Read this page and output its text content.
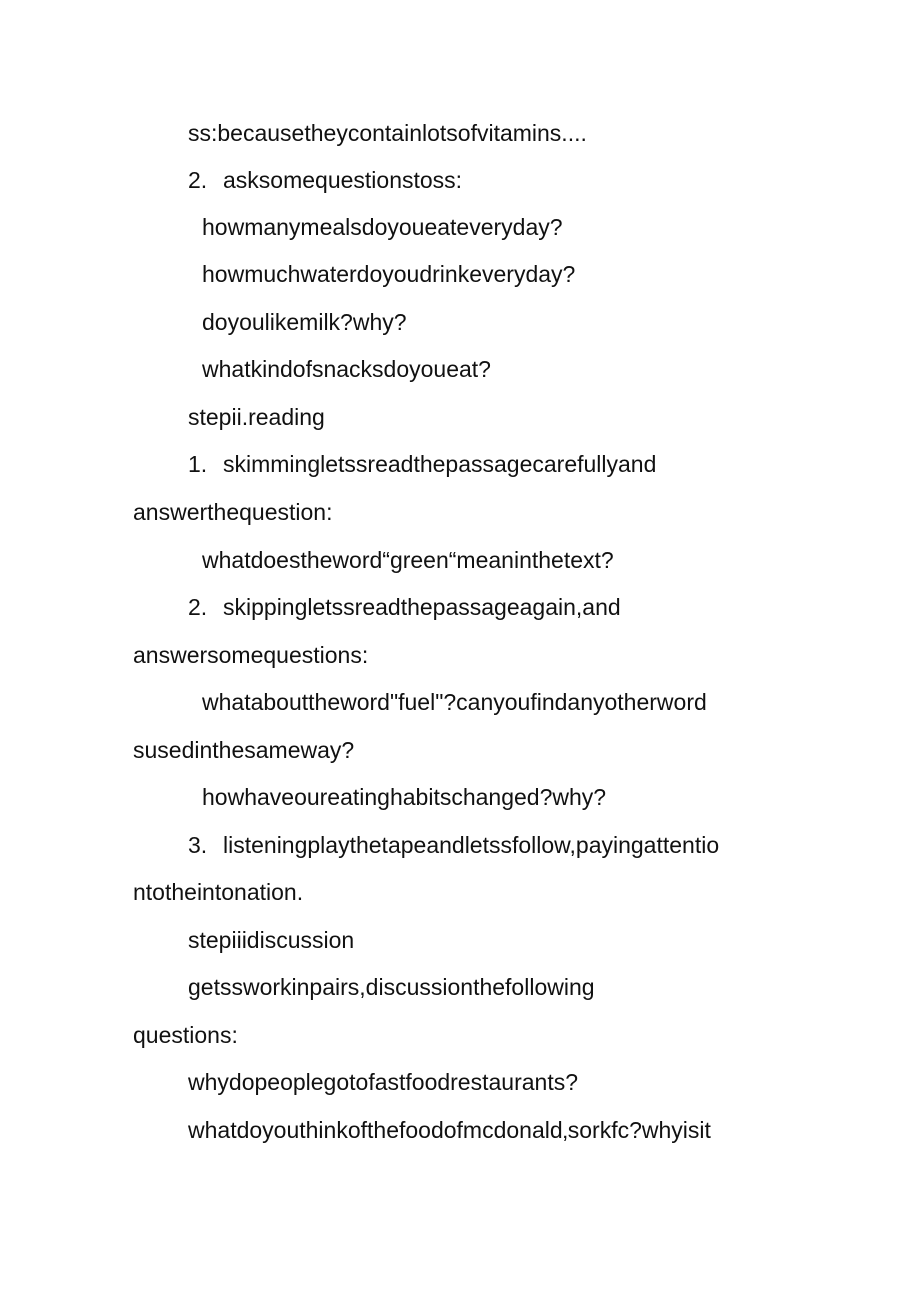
ss:becausetheycontainlotsofvitamins....
2. asksomequestionstoss:
howmanymealsdoyoueateveryday?
howmuchwaterdoyoudrinkeveryday?
doyoulikemilk?why?
whatkindofsnacksdoyoueat?
stepii.reading
1. skimmingletssreadthepassagecarefullyand
answerthequestion:
whatdoestheword“green“meaninthetext?
2. skippingletssreadthepassageagain,and
answersomequestions:
whatabouttheword"fuel"?canyoufindanyotherword
susedinthesameway?
howhaveoureatinghabitschanged?why?
3. listeningplaythetapeandletssfollow,payingattentio
ntotheintonation.
stepiiidiscussion
getssworkinpairs,discussionthefollowing
questions:
whydopeoplegotofastfoodrestaurants?
whatdoyouthinkofthefoodofmcdonald‚sorkfc?whyisit
